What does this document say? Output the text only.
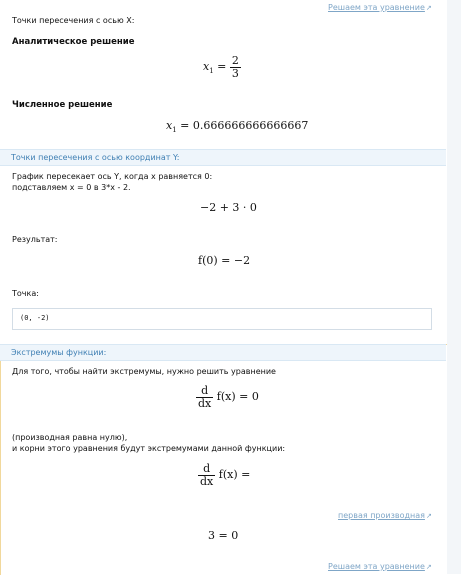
Решаем эта уравнение↗
Точки пересечения с осью X:
Аналитическое решение
$x_1 = \frac{2}{3}$
Численное решение
$x_1 = 0.666666666666667$
Точки пересечения с осью координат Y:
График пересекает ось Y, когда x равняется 0:
подставляем x = 0 в 3*x - 2.
−2 + 3 · 0
Результат:
f(0) = −2
Точка:
(0, -2)
Экстремумы функции:
Для того, чтобы найти экстремумы, нужно решить уравнение
$\frac{d}{dx} f(x) = 0$
(производная равна нулю),
и корни этого уравнения будут экстремумами данной функции:
$\frac{d}{dx} f(x)$ =
первая производная↗
3 = 0
Решаем эта уравнение↗
